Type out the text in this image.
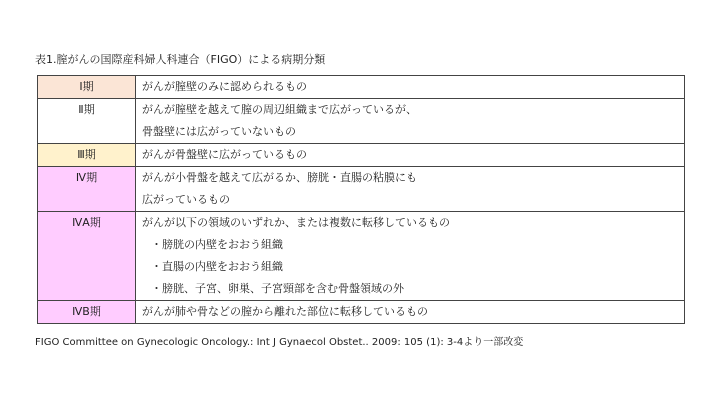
表1.膣がんの国際産科婦人科連合（FIGO）による病期分類
Ⅰ期	がんが膣壁のみに認められるもの

Ⅱ期	がんが膣壁を越えて膣の周辺組織まで広がっているが、
骨盤壁には広がっていないもの

Ⅲ期	がんが骨盤壁に広がっているもの

Ⅳ期	がんが小骨盤を越えて広がるか、膀胱・直腸の粘膜にも
広がっているもの

ⅣA期	がんが以下の領域のいずれか、または複数に転移しているもの
・膀胱の内壁をおおう組織
・直腸の内壁をおおう組織
・膀胱、子宮、卵巣、子宮頸部を含む骨盤領域の外

ⅣB期	がんが肺や骨などの膣から離れた部位に転移しているもの
FIGO Committee on Gynecologic Oncology.: Int J Gynaecol Obstet.. 2009: 105 (1): 3-4より一部改変
